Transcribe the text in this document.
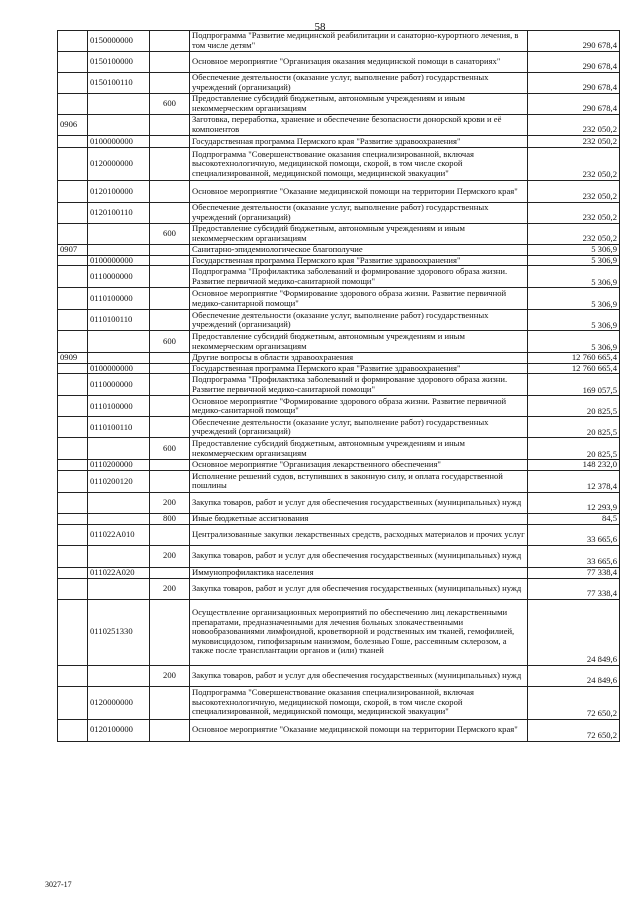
58
	0150000000		Подпрограмма "Развитие медицинской реабилитации и санаторно-курортного лечения, в том числе детям"	290 678,4
	0150100000		Основное мероприятие "Организация оказания медицинской помощи в санаториях"	290 678,4
	0150100110		Обеспечение деятельности (оказание услуг, выполнение работ) государственных учреждений (организаций)	290 678,4
		600	Предоставление субсидий бюджетным, автономным учреждениям и иным некоммерческим организациям	290 678,4
0906			Заготовка, переработка, хранение и обеспечение безопасности донорской крови и её компонентов	232 050,2
	0100000000		Государственная программа Пермского края "Развитие здравоохранения"	232 050,2
	0120000000		Подпрограмма "Совершенствование оказания специализированной, включая высокотехнологичную, медицинской помощи, скорой, в том числе скорой специализированной, медицинской помощи, медицинской эвакуации"	232 050,2
	0120100000		Основное мероприятие "Оказание медицинской помощи на территории Пермского края"	232 050,2
	0120100110		Обеспечение деятельности (оказание услуг, выполнение работ) государственных учреждений (организаций)	232 050,2
		600	Предоставление субсидий бюджетным, автономным учреждениям и иным некоммерческим организациям	232 050,2
0907			Санитарно-эпидемиологическое благополучие	5 306,9
	0100000000		Государственная программа Пермского края "Развитие здравоохранения"	5 306,9
	0110000000		Подпрограмма "Профилактика заболеваний и формирование здорового образа жизни. Развитие первичной медико-санитарной помощи"	5 306,9
	0110100000		Основное мероприятие "Формирование здорового образа жизни. Развитие первичной медико-санитарной помощи"	5 306,9
	0110100110		Обеспечение деятельности (оказание услуг, выполнение работ) государственных учреждений (организаций)	5 306,9
		600	Предоставление субсидий бюджетным, автономным учреждениям и иным некоммерческим организациям	5 306,9
0909			Другие вопросы в области здравоохранения	12 760 665,4
	0100000000		Государственная программа Пермского края "Развитие здравоохранения"	12 760 665,4
	0110000000		Подпрограмма "Профилактика заболеваний и формирование здорового образа жизни. Развитие первичной медико-санитарной помощи"	169 057,5
	0110100000		Основное мероприятие "Формирование здорового образа жизни. Развитие первичной медико-санитарной помощи"	20 825,5
	0110100110		Обеспечение деятельности (оказание услуг, выполнение работ) государственных учреждений (организаций)	20 825,5
		600	Предоставление субсидий бюджетным, автономным учреждениям и иным некоммерческим организациям	20 825,5
	0110200000		Основное мероприятие "Организация лекарственного обеспечения"	148 232,0
	0110200120		Исполнение решений судов, вступивших в законную силу, и оплата государственной пошлины	12 378,4
		200	Закупка товаров, работ и услуг для обеспечения государственных (муниципальных) нужд	12 293,9
		800	Иные бюджетные ассигнования	84,5
	011022A010		Централизованные закупки лекарственных средств, расходных материалов и прочих услуг	33 665,6
		200	Закупка товаров, работ и услуг для обеспечения государственных (муниципальных) нужд	33 665,6
	011022A020		Иммунопрофилактика населения	77 338,4
		200	Закупка товаров, работ и услуг для обеспечения государственных (муниципальных) нужд	77 338,4
	0110251330		Осуществление организационных мероприятий по обеспечению лиц лекарственными препаратами, предназначенными для лечения больных злокачественными новообразованиями лимфоидной, кроветворной и родственных им тканей, гемофилией, муковисцидозом, гипофизарным нанизмом, болезнью Гоше, рассеянным склерозом, а также после трансплантации органов и (или) тканей	24 849,6
		200	Закупка товаров, работ и услуг для обеспечения государственных (муниципальных) нужд	24 849,6
	0120000000		Подпрограмма "Совершенствование оказания специализированной, включая высокотехнологичную, медицинской помощи, скорой, в том числе скорой специализированной, медицинской помощи, медицинской эвакуации"	72 650,2
	0120100000		Основное мероприятие "Оказание медицинской помощи на территории Пермского края"	72 650,2
3027-17
